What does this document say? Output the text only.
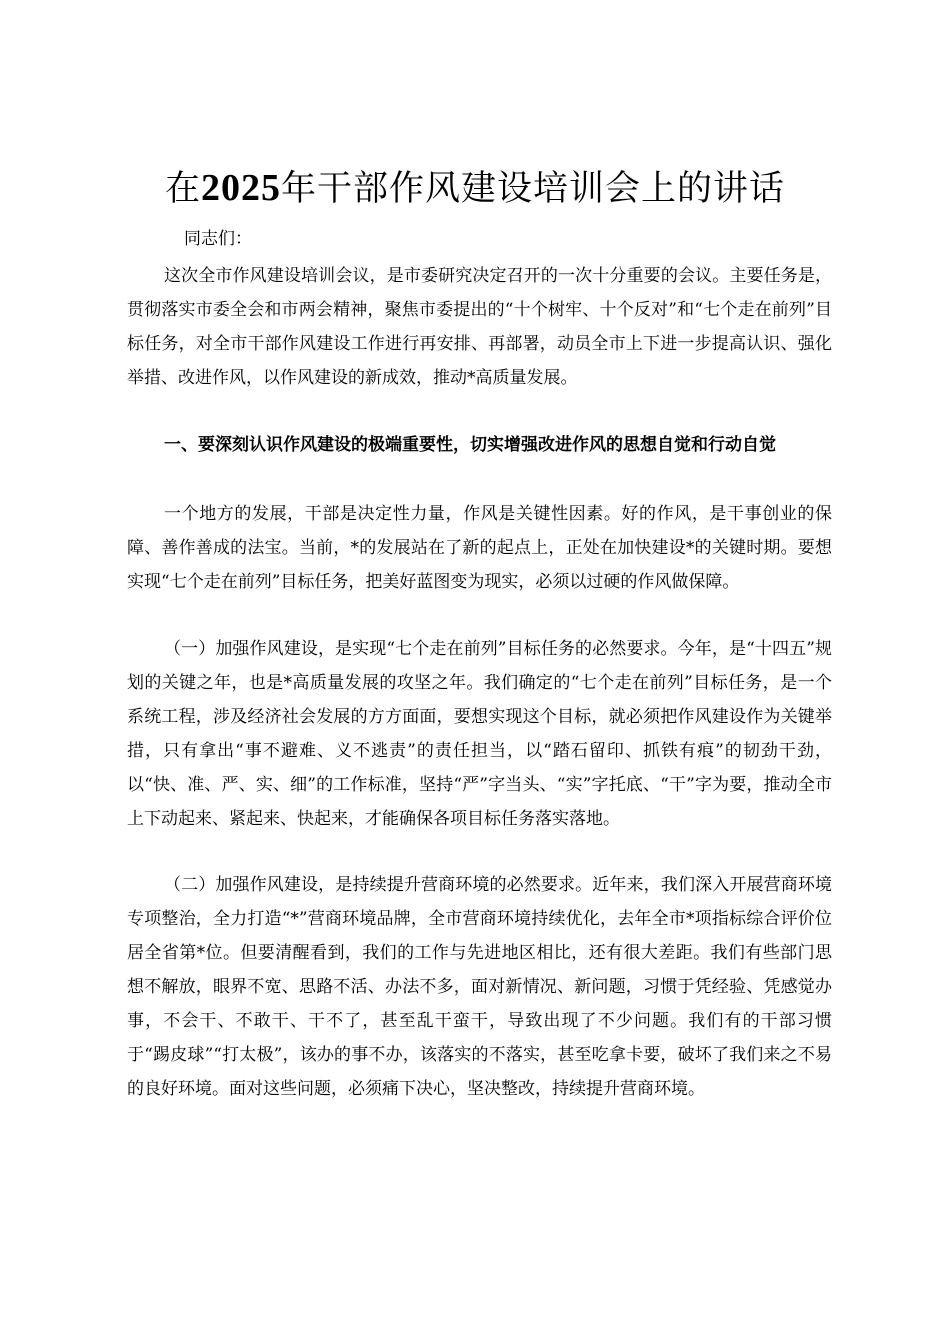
在2025年干部作风建设培训会上的讲话
同志们：

这次全市作风建设培训会议，是市委研究决定召开的一次十分重要的会议。主要任务是，贯彻落实市委全会和市两会精神，聚焦市委提出的“十个树牢、十个反对”和“七个走在前列”目标任务，对全市干部作风建设工作进行再安排、再部署，动员全市上下进一步提高认识、强化举措、改进作风，以作风建设的新成效，推动*高质量发展。

一、要深刻认识作风建设的极端重要性，切实增强改进作风的思想自觉和行动自觉

一个地方的发展，干部是决定性力量，作风是关键性因素。好的作风，是干事创业的保障、善作善成的法宝。当前，*的发展站在了新的起点上，正处在加快建设*的关键时期。要想实现“七个走在前列”目标任务，把美好蓝图变为现实，必须以过硬的作风做保障。

（一）加强作风建设，是实现“七个走在前列”目标任务的必然要求。今年，是“十四五”规划的关键之年，也是*高质量发展的攻坚之年。我们确定的“七个走在前列”目标任务，是一个系统工程，涉及经济社会发展的方方面面，要想实现这个目标，就必须把作风建设作为关键举措，只有拿出“事不避难、义不逃责”的责任担当，以“踏石留印、抓铁有痕”的韧劲干劲，以“快、准、严、实、细”的工作标准，坚持“严”字当头、“实”字托底、“干”字为要，推动全市上下动起来、紧起来、快起来，才能确保各项目标任务落实落地。

（二）加强作风建设，是持续提升营商环境的必然要求。近年来，我们深入开展营商环境专项整治，全力打造“*”营商环境品牌，全市营商环境持续优化，去年全市*项指标综合评价位居全省第*位。但要清醒看到，我们的工作与先进地区相比，还有很大差距。我们有些部门思想不解放，眼界不宽、思路不活、办法不多，面对新情况、新问题，习惯于凭经验、凭感觉办事，不会干、不敢干、干不了，甚至乱干蛮干，导致出现了不少问题。我们有的干部习惯于“踢皮球”“打太极”，该办的事不办，该落实的不落实，甚至吃拿卡要，破坏了我们来之不易的良好环境。面对这些问题，必须痛下决心，坚决整改，持续提升营商环境。
